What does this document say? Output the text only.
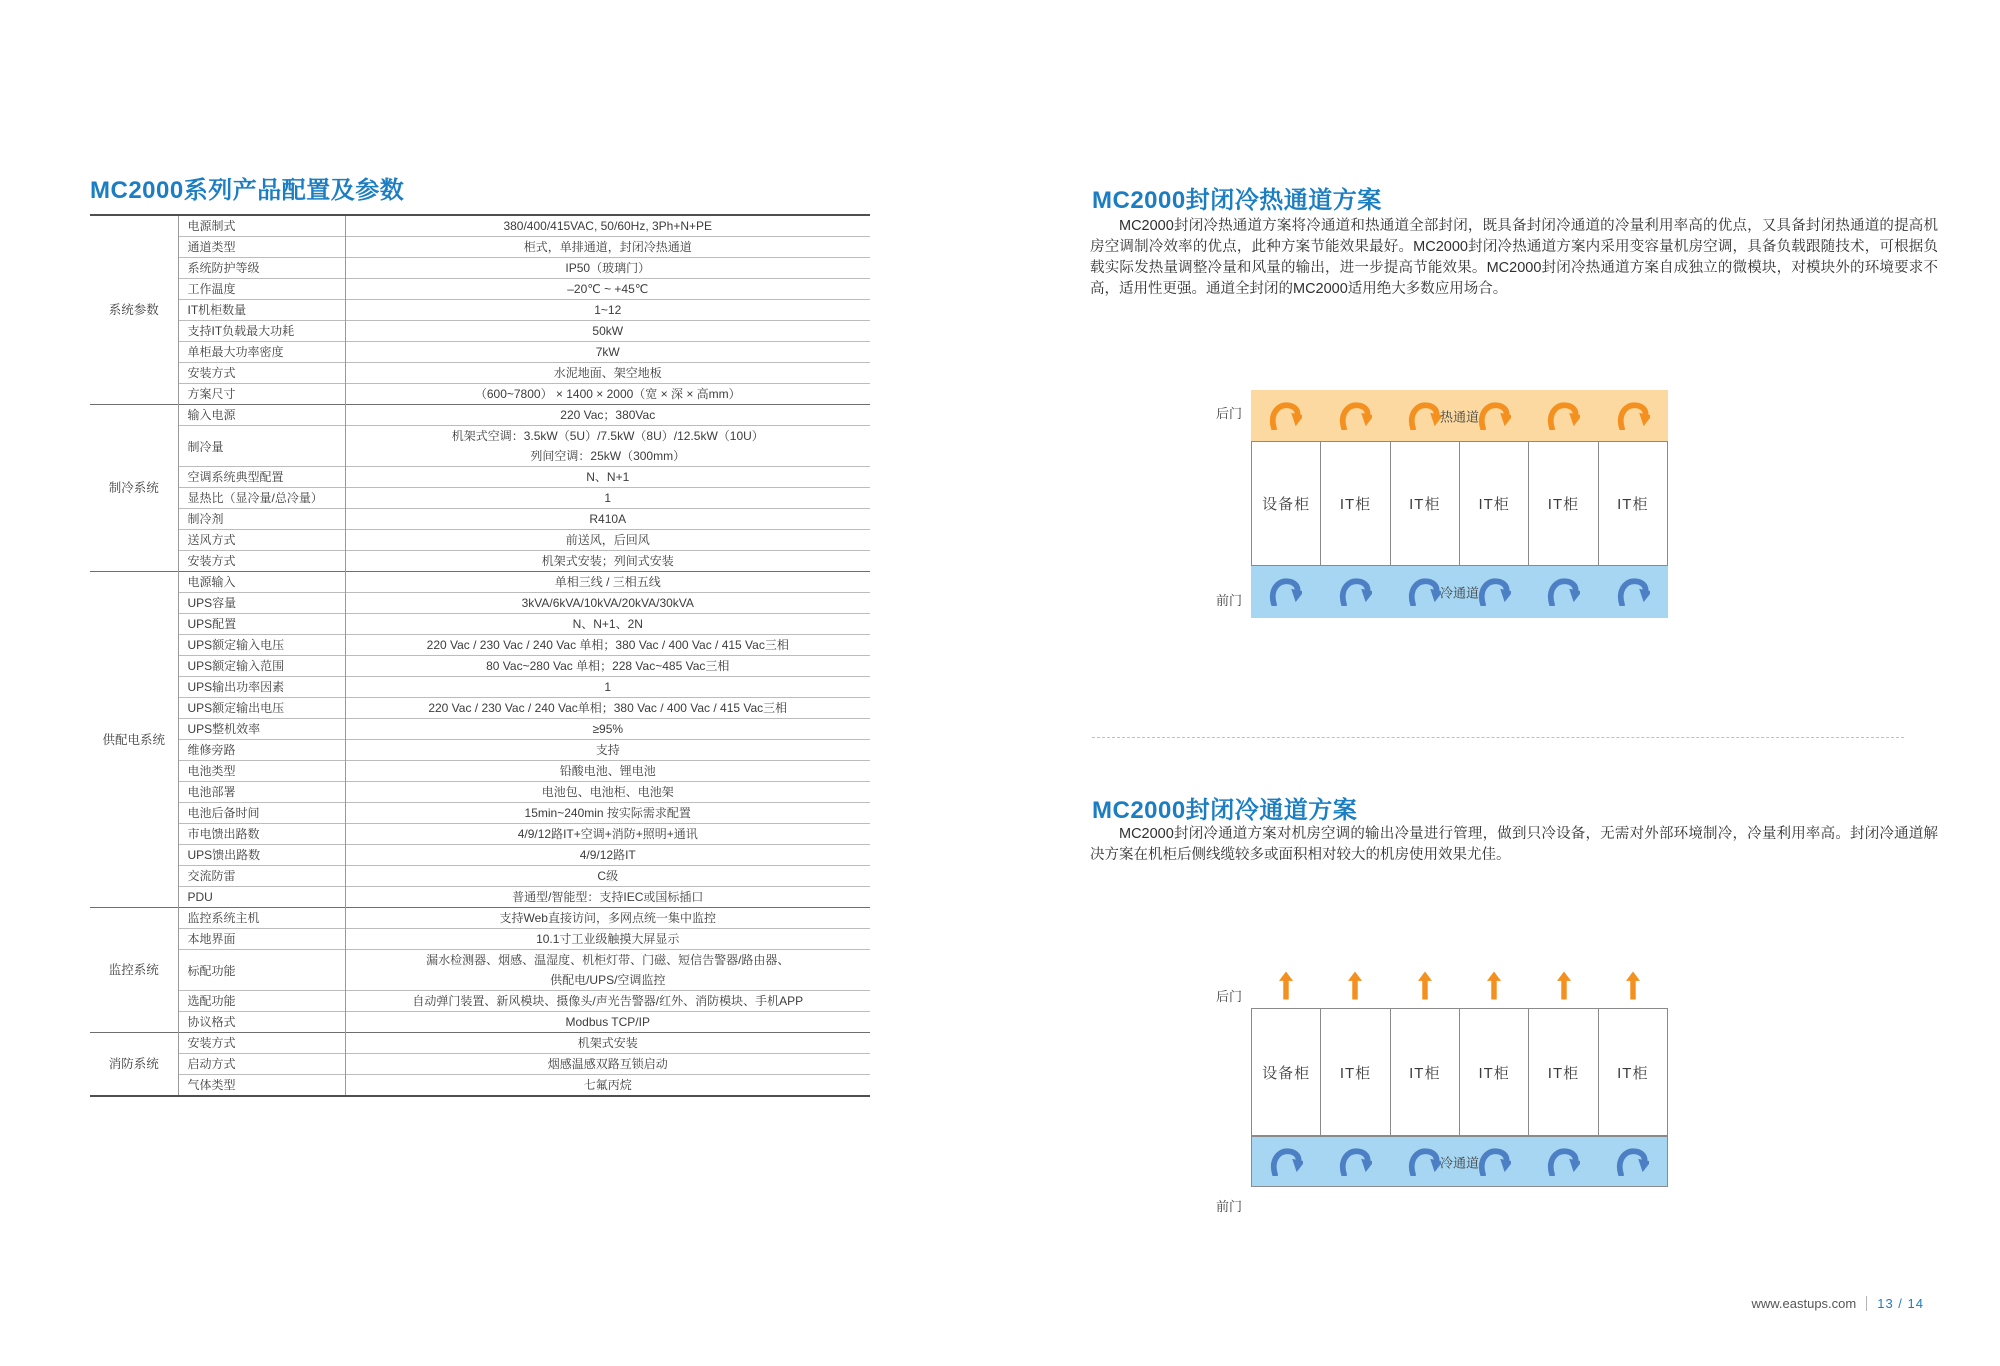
MC2000系列产品配置及参数
系统参数	电源制式	380/400/415VAC, 50/60Hz, 3Ph+N+PE

	通道类型	柜式，单排通道，封闭冷热通道

	系统防护等级	IP50（玻璃门）

	工作温度	–20℃ ~ +45℃

	IT机柜数量	1~12

	支持IT负载最大功耗	50kW

	单柜最大功率密度	7kW

	安装方式	水泥地面、架空地板

	方案尺寸	（600~7800） × 1400 × 2000（宽 × 深 × 高mm）

制冷系统	输入电源	220 Vac；380Vac

	制冷量	机架式空调：3.5kW（5U）/7.5kW（8U）/12.5kW（10U）
列间空调：25kW（300mm）

	空调系统典型配置	N、N+1

	显热比（显冷量/总冷量）	1

	制冷剂	R410A

	送风方式	前送风，后回风

	安装方式	机架式安装；列间式安装

供配电系统	电源输入	单相三线 / 三相五线

	UPS容量	3kVA/6kVA/10kVA/20kVA/30kVA

	UPS配置	N、N+1、2N

	UPS额定输入电压	220 Vac / 230 Vac / 240 Vac 单相；380 Vac / 400 Vac / 415 Vac三相

	UPS额定输入范围	80 Vac~280 Vac 单相；228 Vac~485 Vac三相

	UPS输出功率因素	1

	UPS额定输出电压	220 Vac / 230 Vac / 240 Vac单相；380 Vac / 400 Vac / 415 Vac三相

	UPS整机效率	≥95%

	维修旁路	支持

	电池类型	铅酸电池、锂电池

	电池部署	电池包、电池柜、电池架

	电池后备时间	15min~240min 按实际需求配置

	市电馈出路数	4/9/12路IT+空调+消防+照明+通讯

	UPS馈出路数	4/9/12路IT

	交流防雷	C级

	PDU	普通型/智能型：支持IEC或国标插口

监控系统	监控系统主机	支持Web直接访问，多网点统一集中监控

	本地界面	10.1寸工业级触摸大屏显示

	标配功能	漏水检测器、烟感、温湿度、机柜灯带、门磁、短信告警器/路由器、
供配电/UPS/空调监控

	选配功能	自动弹门装置、新风模块、摄像头/声光告警器/红外、消防模块、手机APP

	协议格式	Modbus TCP/IP

消防系统	安装方式	机架式安装

	启动方式	烟感温感双路互锁启动

	气体类型	七氟丙烷
MC2000封闭冷热通道方案

MC2000封闭冷热通道方案将冷通道和热通道全部封闭，既具备封闭冷通道的冷量利用率高的优点，又具备封闭热通道的提高机房空调制冷效率的优点，此种方案节能效果最好。MC2000封闭冷热通道方案内采用变容量机房空调，具备负载跟随技术，可根据负载实际发热量调整冷量和风量的输出，进一步提高节能效果。MC2000封闭冷热通道方案自成独立的微模块，对模块外的环境要求不高，适用性更强。通道全封闭的MC2000适用绝大多数应用场合。

后门	热通道
设备柜	IT柜	IT柜	IT柜	IT柜	IT柜
冷通道
前门
MC2000封闭冷通道方案

MC2000封闭冷通道方案对机房空调的输出冷量进行管理，做到只冷设备，无需对外部环境制冷，冷量利用率高。封闭冷通道解决方案在机柜后侧线缆较多或面积相对较大的机房使用效果尤佳。

后门
设备柜	IT柜	IT柜	IT柜	IT柜	IT柜
冷通道
前门
www.eastups.com 13 / 14
